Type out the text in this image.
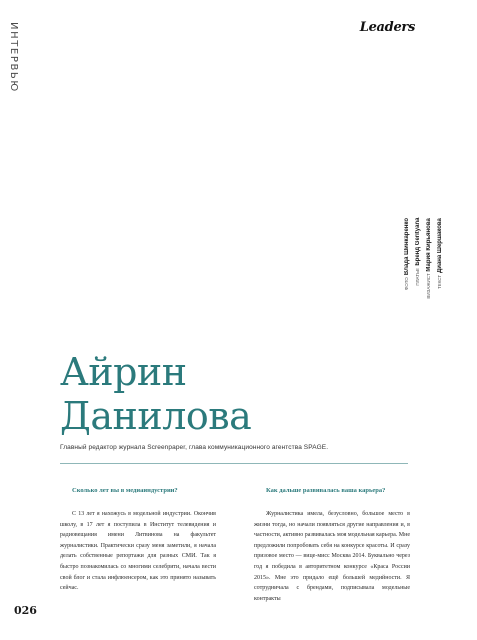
ИНТЕРВЬЮ	Leaders
ФОТО
Влада Шинкаренко
ПЛАТЬЕ
Бренд Gerityana
ВИЗАЖИСТ
Мария Кирьянова
ТЕКСТ
Диана Шершакова
Айрин
Данилова
Главный редактор журнала Screenpaper, глава коммуникационного агентства SPAGE.
Сколько лет вы в медиаиндустрии?

С 13 лет я нахожусь в модельной индустрии. Окончив школу, в 17 лет я поступила в Институт телевидения и радиовещания имени Литвинова на факультет журналистики. Практически сразу меня заметили, я начала делать собственные репортажи для разных СМИ. Так я быстро познакомилась со многими селебрити, начала вести свой блог и стала инфлюенсером, как это принято называть сейчас.

Как дальше развивалась ваша карьера?

Журналистика имела, безусловно, большое место в жизни тогда, но начали появляться другие направления и, в частности, активно развивалась моя модельная карьера. Мне предложили попробовать себя на конкурсе красоты. И сразу призовое место — вице-мисс Москва 2014. Буквально через год я победила в авторитетном конкурсе «Краса России 2015». Мне это придало ещё большей медийности. Я сотрудничала с брендами, подписывала модельные контракты

026
